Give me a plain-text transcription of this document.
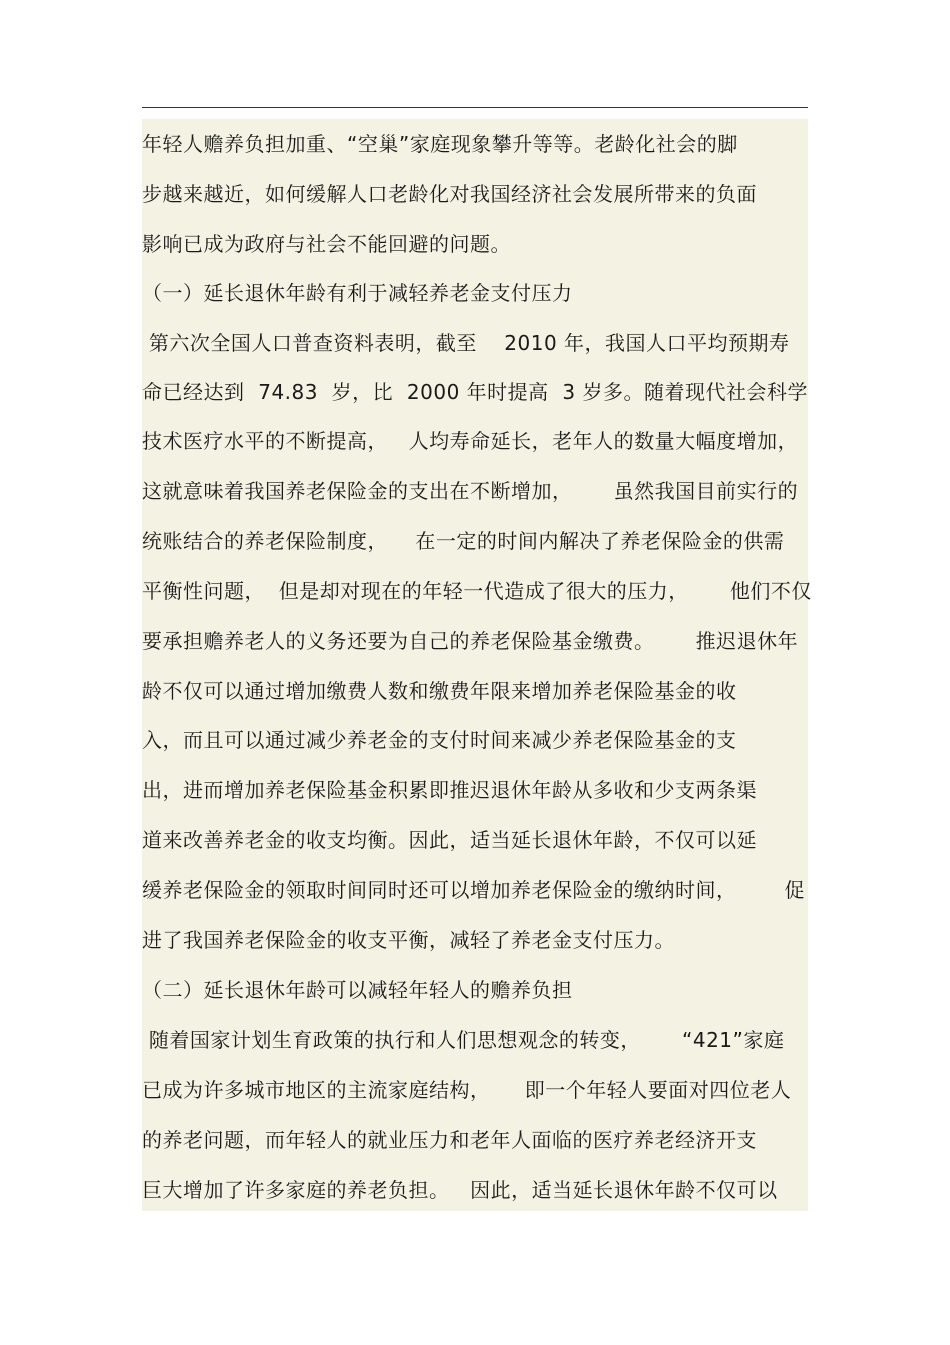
年轻人赡养负担加重、“空巢”家庭现象攀升等等。老龄化社会的脚
步越来越近，如何缓解人口老龄化对我国经济社会发展所带来的负面
影响已成为政府与社会不能回避的问题。
（一）延长退休年龄有利于减轻养老金支付压力
第六次全国人口普查资料表明，截至    2010 年，我国人口平均预期寿
命已经达到  74.83  岁，比  2000 年时提高  3 岁多。随着现代社会科学
技术医疗水平的不断提高，   人均寿命延长，老年人的数量大幅度增加，
这就意味着我国养老保险金的支出在不断增加，      虽然我国目前实行的
统账结合的养老保险制度，    在一定的时间内解决了养老保险金的供需
平衡性问题，  但是却对现在的年轻一代造成了很大的压力，      他们不仅
要承担赡养老人的义务还要为自己的养老保险基金缴费。      推迟退休年
龄不仅可以通过增加缴费人数和缴费年限来增加养老保险基金的收
入，而且可以通过减少养老金的支付时间来减少养老保险基金的支
出，进而增加养老保险基金积累即推迟退休年龄从多收和少支两条渠
道来改善养老金的收支均衡。因此，适当延长退休年龄，不仅可以延
缓养老保险金的领取时间同时还可以增加养老保险金的缴纳时间，       促
进了我国养老保险金的收支平衡，减轻了养老金支付压力。
（二）延长退休年龄可以减轻年轻人的赡养负担
随着国家计划生育政策的执行和人们思想观念的转变，      “421”家庭
已成为许多城市地区的主流家庭结构，     即一个年轻人要面对四位老人
的养老问题，而年轻人的就业压力和老年人面临的医疗养老经济开支
巨大增加了许多家庭的养老负担。   因此，适当延长退休年龄不仅可以
